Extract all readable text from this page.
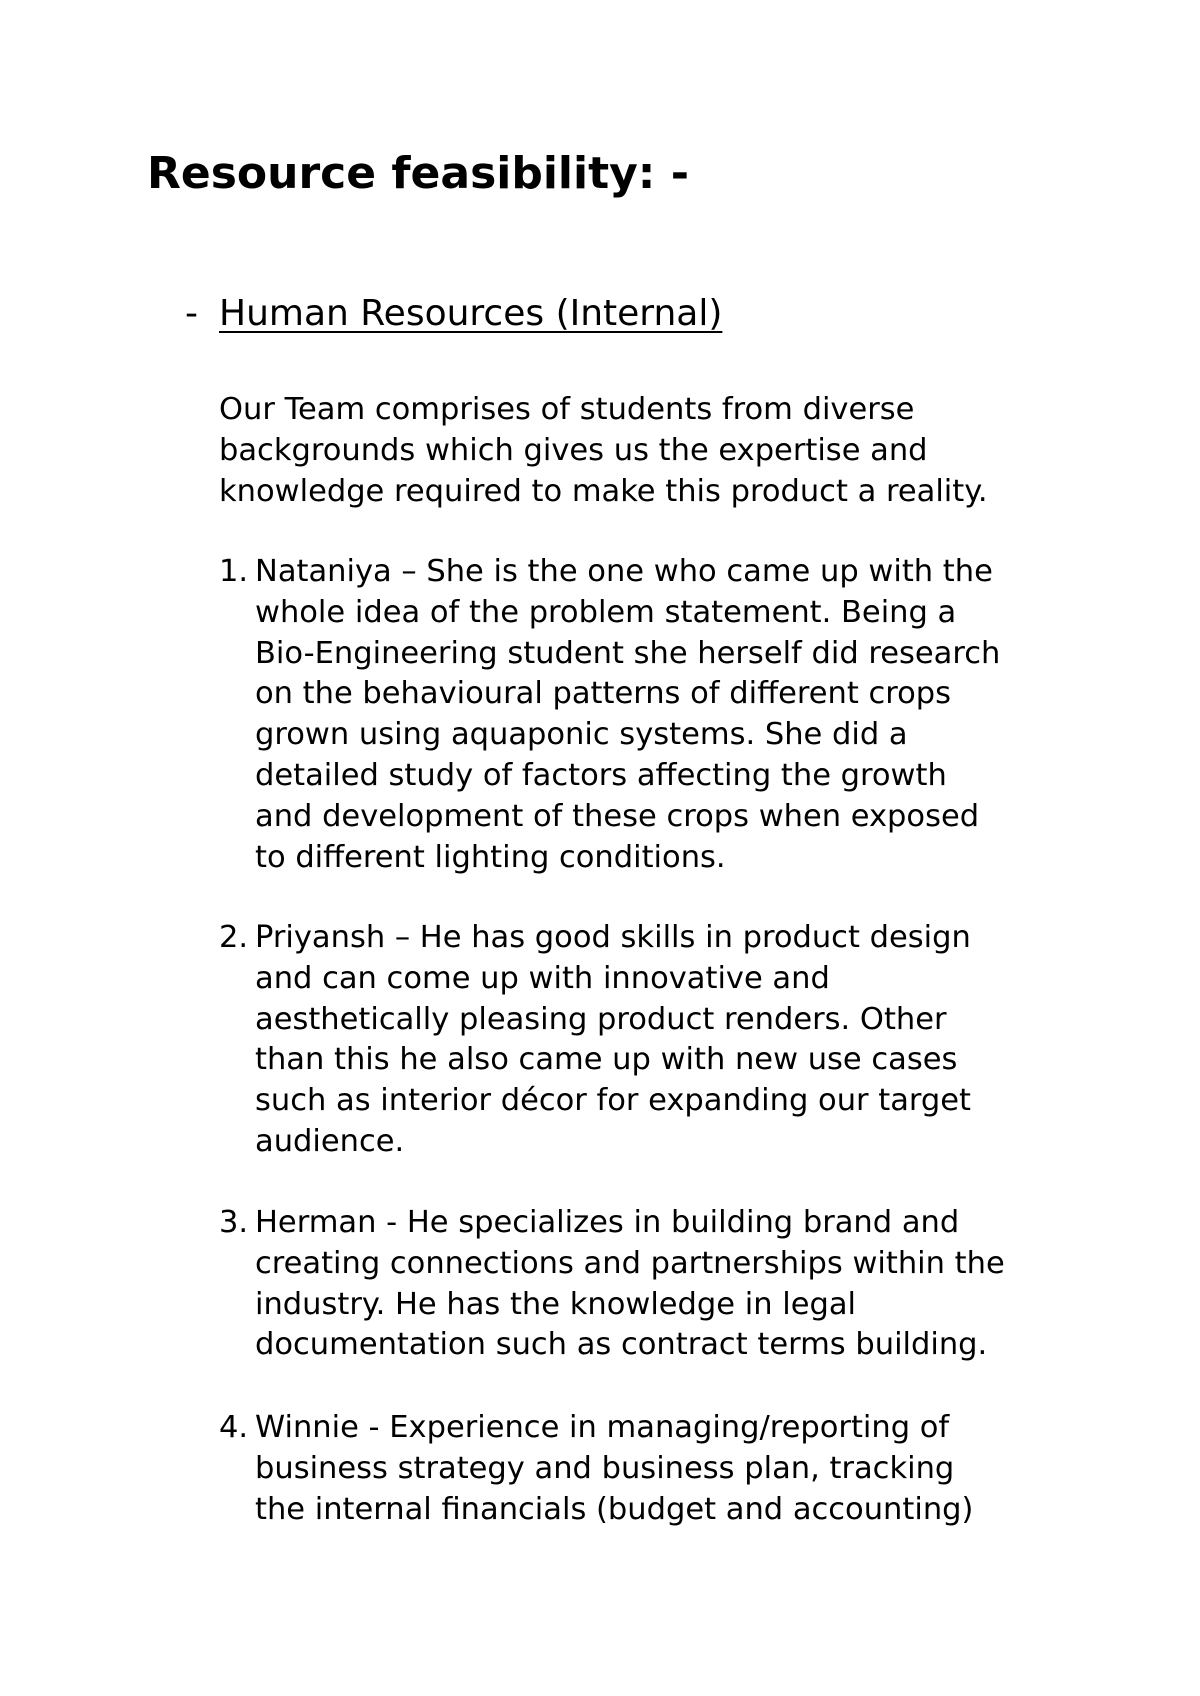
Resource feasibility: -
- Human Resources (Internal)

Our Team comprises of students from diverse
backgrounds which gives us the expertise and
knowledge required to make this product a reality.

1. Nataniya – She is the one who came up with the
whole idea of the problem statement. Being a
Bio-Engineering student she herself did research
on the behavioural patterns of different crops
grown using aquaponic systems. She did a
detailed study of factors affecting the growth
and development of these crops when exposed
to different lighting conditions.
2. Priyansh – He has good skills in product design
and can come up with innovative and
aesthetically pleasing product renders. Other
than this he also came up with new use cases
such as interior décor for expanding our target
audience.
3. Herman - He specializes in building brand and
creating connections and partnerships within the
industry. He has the knowledge in legal
documentation such as contract terms building.
4. Winnie - Experience in managing/reporting of
business strategy and business plan, tracking
the internal financials (budget and accounting)
